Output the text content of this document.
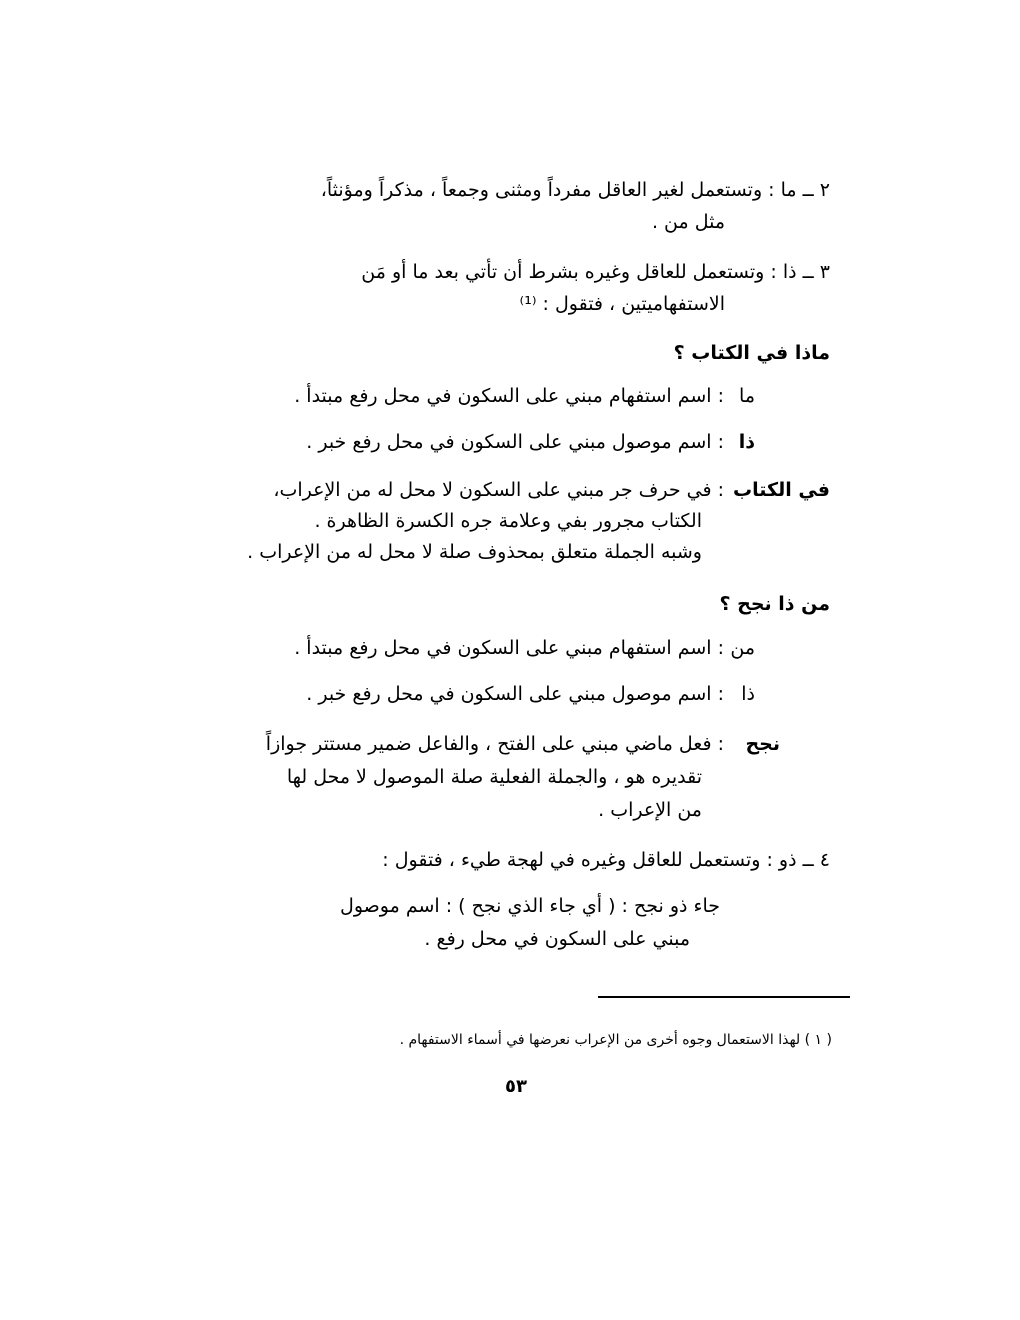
٢ ــ ما : وتستعمل لغير العاقل مفرداً ومثنى وجمعاً ، مذكراً ومؤنثاً،
مثل من .
٣ ــ ذا : وتستعمل للعاقل وغيره بشرط أن تأتي بعد ما أو مَن
الاستفهاميتين ، فتقول : ⁽¹⁾
ماذا في الكتاب ؟
ما
: اسم استفهام مبني على السكون في محل رفع مبتدأ .
ذا
: اسم موصول مبني على السكون في محل رفع خبر .
في الكتاب
: في حرف جر مبني على السكون لا محل له من الإعراب،
الكتاب مجرور بفي وعلامة جره الكسرة الظاهرة .
وشبه الجملة متعلق بمحذوف صلة لا محل له من الإعراب .
من ذا نجح ؟
من
: اسم استفهام مبني على السكون في محل رفع مبتدأ .
ذا
: اسم موصول مبني على السكون في محل رفع خبر .
نجح
: فعل ماضي مبني على الفتح ، والفاعل ضمير مستتر جوازاً
تقديره هو ، والجملة الفعلية صلة الموصول لا محل لها
من الإعراب .
٤ ــ ذو : وتستعمل للعاقل وغيره في لهجة طيء ، فتقول :
جاء ذو نجح : ( أي جاء الذي نجح ) : اسم موصول
مبني على السكون في محل رفع .
( ١ ) لهذا الاستعمال وجوه أخرى من الإعراب نعرضها في أسماء الاستفهام .
٥٣
